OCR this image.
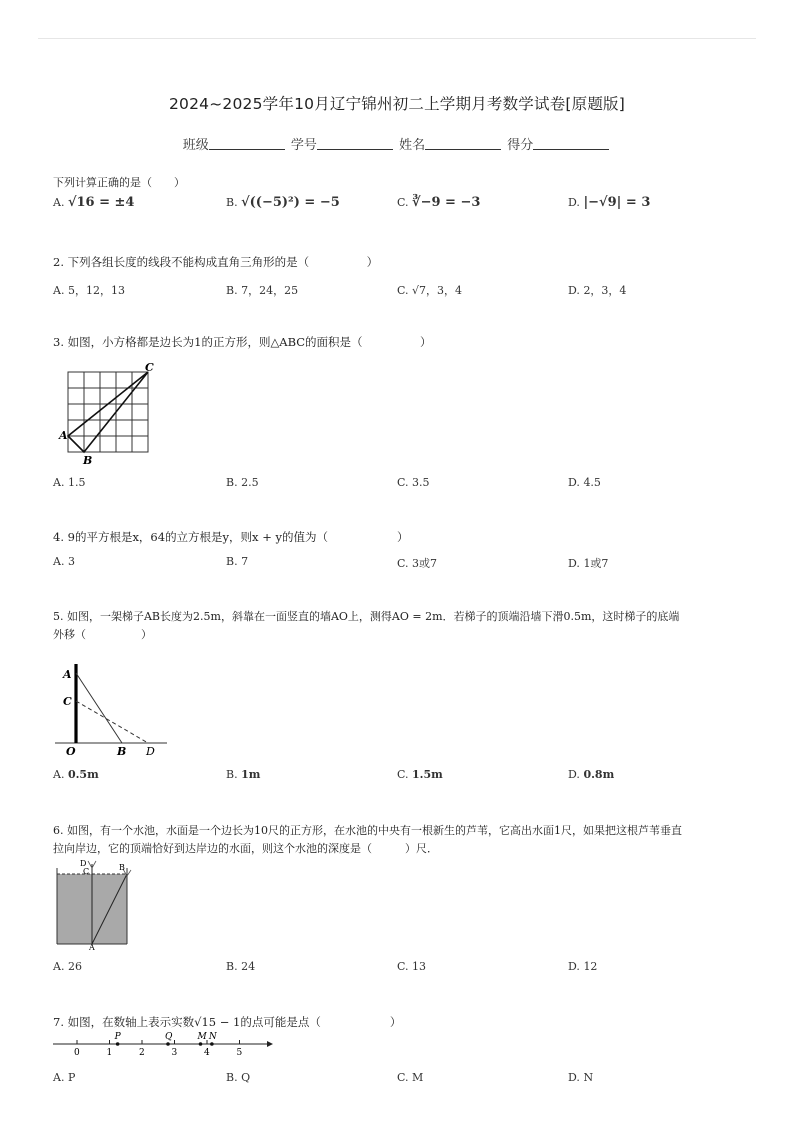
2024~2025学年10月辽宁锦州初二上学期月考数学试卷[原题版]
班级	学号	姓名	得分
下列计算正确的是（　　）
A. √16 = ±4	B. √((−5)²) = −5	C. ∛−9 = −3	D. |−√9| = 3
2. 下列各组长度的线段不能构成直角三角形的是（　　　　　）
A. 5，12，13	B. 7，24，25	C. √7，3，4	D. 2，3，4
3. 如图，小方格都是边长为1的正方形，则△ABC的面积是（　　　　　）
A
B
C
A. 1.5	B. 2.5	C. 3.5	D. 4.5
4. 9的平方根是x，64的立方根是y，则x + y的值为（　　　　　　）
A. 3	B. 7	C. 3或7	D. 1或7
5. 如图，一架梯子AB长度为2.5m，斜靠在一面竖直的墙AO上，测得AO = 2m．若梯子的顶端沿墙下滑0.5m，这时梯子的底端
外移（　　　　　）
A
C
O	B D
A. 0.5m	B. 1m	C. 1.5m	D. 0.8m
6. 如图，有一个水池，水面是一个边长为10尺的正方形，在水池的中央有一根新生的芦苇，它高出水面1尺，如果把这根芦苇垂直
拉向岸边，它的顶端恰好到达岸边的水面，则这个水池的深度是（　　　）尺．
D
C	B
A
A. 26	B. 24	C. 13	D. 12
7. 如图，在数轴上表示实数√15 − 1的点可能是点（　　　　　　）
0	1	2	3	4	5
P	Q	M N
A. P	B. Q	C. M	D. N
